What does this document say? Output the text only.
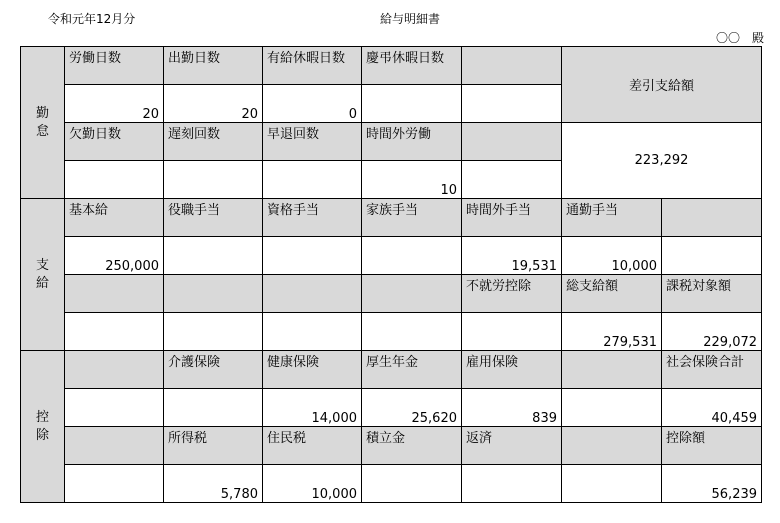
令和元年12月分	給与明細書
〇〇　殿
勤
怠	労働日数	出勤日数	有給休暇日数	慶弔休暇日数		差引支給額	
	20	20	0				
	欠勤日数	遅刻回数	早退回数	時間外労働		223,292	
				10			
支
給	基本給	役職手当	資格手当	家族手当	時間外手当	通勤手当	
	250,000				19,531	10,000	
					不就労控除	総支給額	課税対象額
						279,531	229,072
控
除		介護保険	健康保険	厚生年金	雇用保険		社会保険合計
			14,000	25,620	839		40,459
		所得税	住民税	積立金	返済		控除額
		5,780	10,000				56,239
